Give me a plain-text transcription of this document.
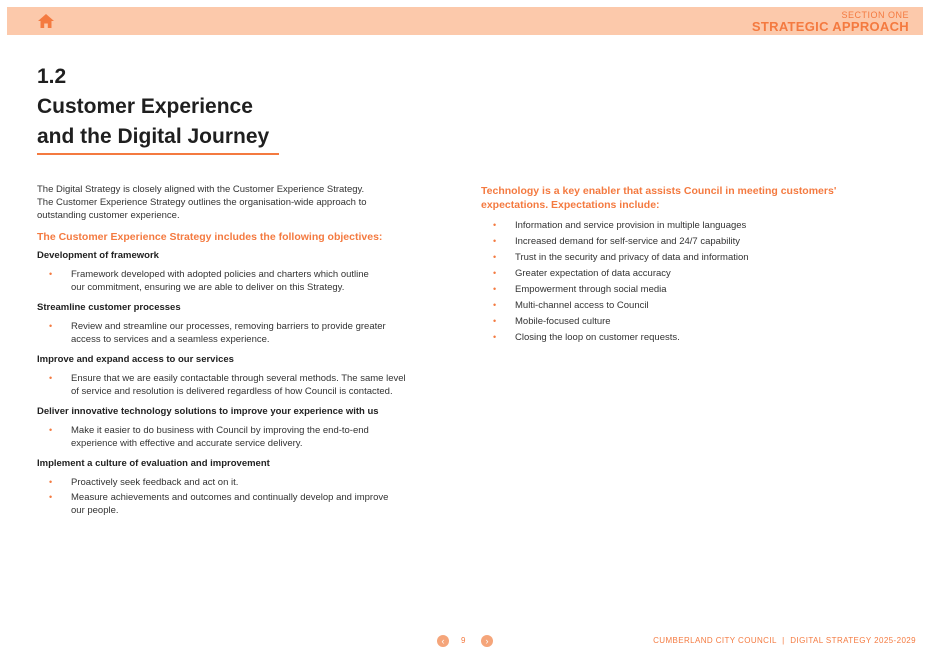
SECTION ONE
STRATEGIC APPROACH
1.2
Customer Experience
and the Digital Journey
The Digital Strategy is closely aligned with the Customer Experience Strategy.
The Customer Experience Strategy outlines the organisation-wide approach to
outstanding customer experience.
The Customer Experience Strategy includes the following objectives:
Development of framework
• Framework developed with adopted policies and charters which outline
our commitment, ensuring we are able to deliver on this Strategy.
Streamline customer processes
• Review and streamline our processes, removing barriers to provide greater
access to services and a seamless experience.
Improve and expand access to our services
• Ensure that we are easily contactable through several methods. The same level
of service and resolution is delivered regardless of how Council is contacted.
Deliver innovative technology solutions to improve your experience with us
• Make it easier to do business with Council by improving the end-to-end
experience with effective and accurate service delivery.
Implement a culture of evaluation and improvement
• Proactively seek feedback and act on it.
• Measure achievements and outcomes and continually develop and improve
our people.
Technology is a key enabler that assists Council in meeting customers'
expectations. Expectations include:
• Information and service provision in multiple languages
• Increased demand for self-service and 24/7 capability
• Trust in the security and privacy of data and information
• Greater expectation of data accuracy
• Empowerment through social media
• Multi-channel access to Council
• Mobile-focused culture
• Closing the loop on customer requests.
‹	9	›	CUMBERLAND CITY COUNCIL | DIGITAL STRATEGY 2025-2029
